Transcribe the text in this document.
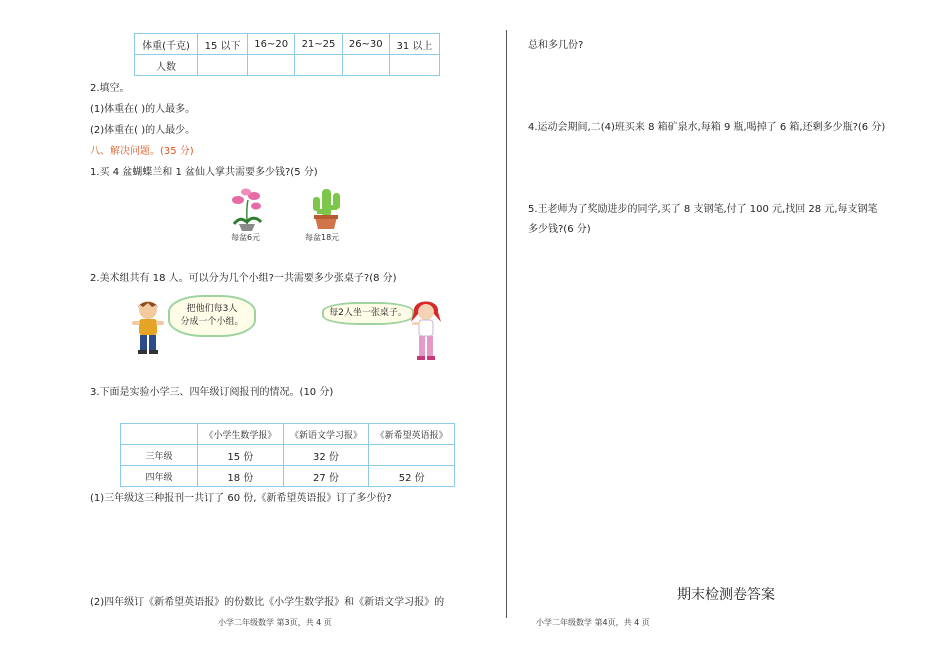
体重(千克)	15 以下	16~20	21~25	26~30	31 以上
人数					
2.填空。
(1)体重在( )的人最多。
(2)体重在( )的人最少。
八、解决问题。(35 分)
1.买 4 盆蝴蝶兰和 1 盆仙人掌共需要多少钱?(5 分)
每盆6元	每盆18元
2.美术组共有 18 人。可以分为几个小组?一共需要多少张桌子?(8 分)
把他们每3人
分成一个小组。
每2人坐一张桌子。
3.下面是实验小学三、四年级订阅报刊的情况。(10 分)
	《小学生数学报》	《新语文学习报》	《新希望英语报》
三年级	15 份	32 份	
四年级	18 份	27 份	52 份
(1)三年级这三种报刊一共订了 60 份,《新希望英语报》订了多少份?
(2)四年级订《新希望英语报》的份数比《小学生数学报》和《新语文学习报》的
小学二年级数学 第3页，共 4 页
总和多几份?
4.运动会期间,二(4)班买来 8 箱矿泉水,每箱 9 瓶,喝掉了 6 箱,还剩多少瓶?(6 分)
5.王老师为了奖励进步的同学,买了 8 支钢笔,付了 100 元,找回 28 元,每支钢笔
多少钱?(6 分)
期末检测卷答案
小学二年级数学 第4页，共 4 页
